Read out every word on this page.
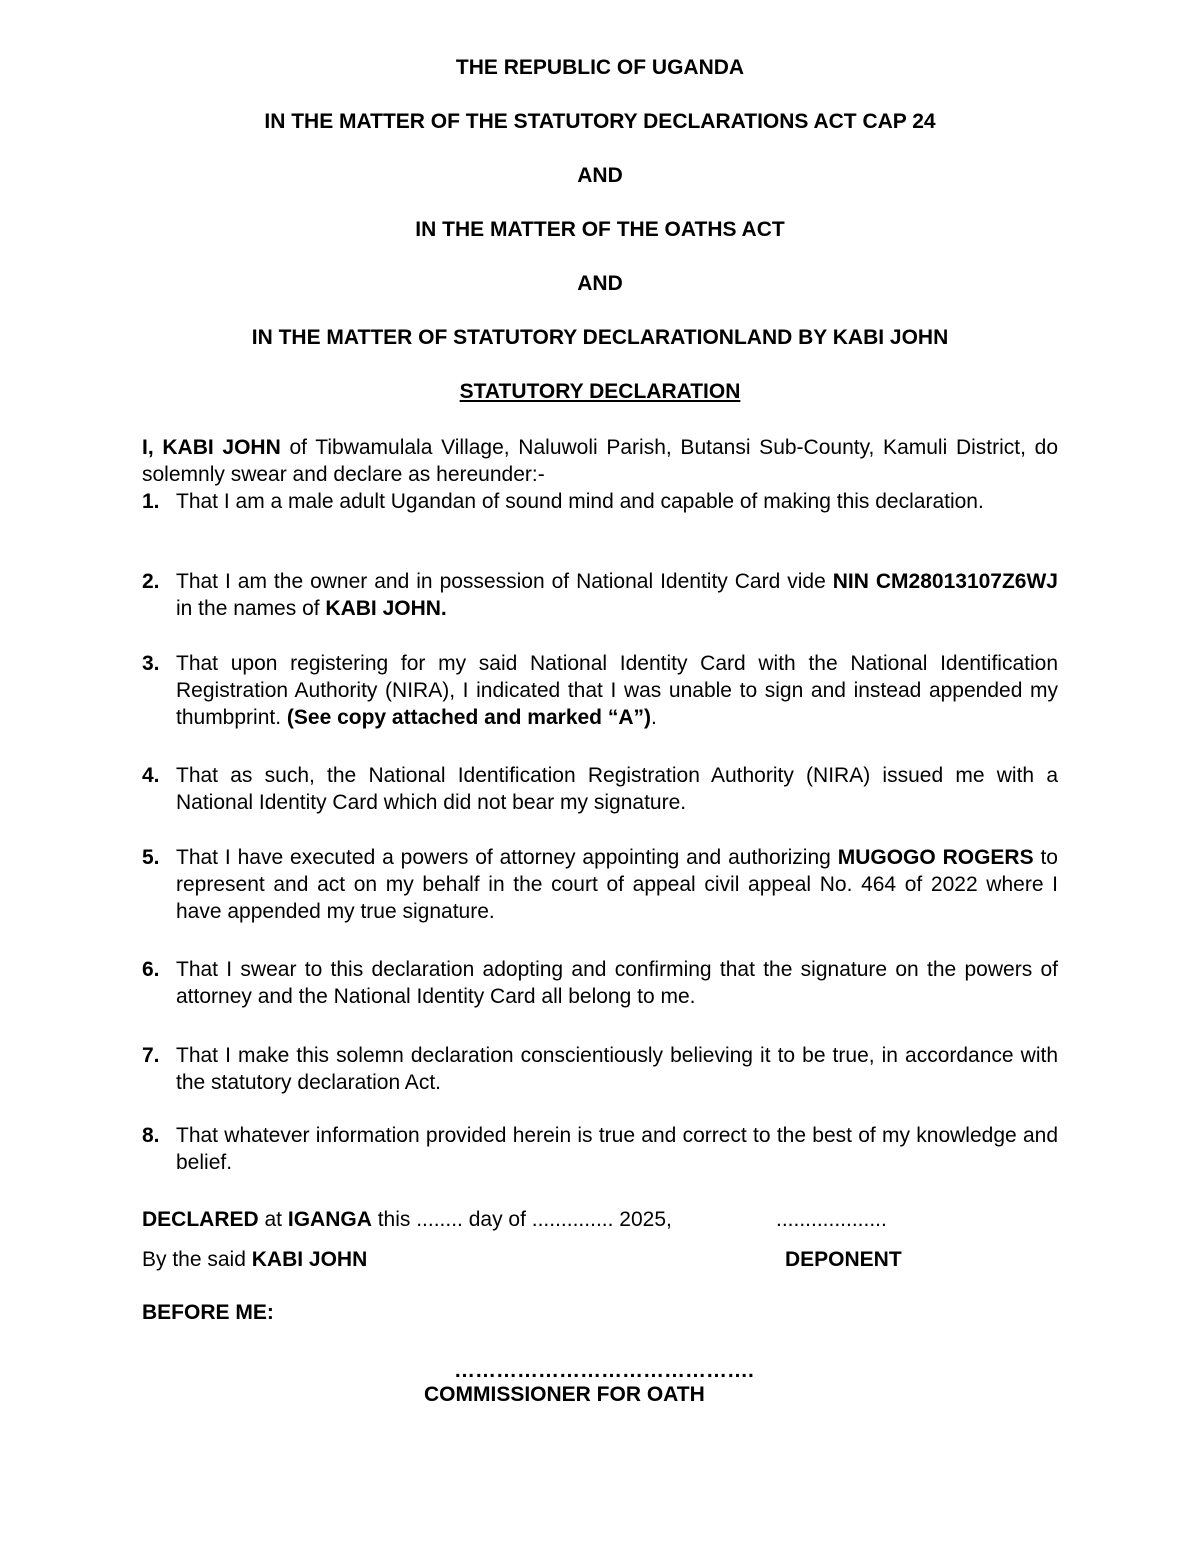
THE REPUBLIC OF UGANDA
IN THE MATTER OF THE STATUTORY DECLARATIONS ACT CAP 24
AND
IN THE MATTER OF THE OATHS ACT
AND
IN THE MATTER OF STATUTORY DECLARATIONLAND BY KABI JOHN
STATUTORY DECLARATION
I, KABI JOHN of Tibwamulala Village, Naluwoli Parish, Butansi Sub-County, Kamuli District, do solemnly swear and declare as hereunder:-
1. That I am a male adult Ugandan of sound mind and capable of making this declaration.
2. That I am the owner and in possession of National Identity Card vide NIN CM28013107Z6WJ in the names of KABI JOHN.
3. That upon registering for my said National Identity Card with the National Identification Registration Authority (NIRA), I indicated that I was unable to sign and instead appended my thumbprint. (See copy attached and marked “A”).
4. That as such, the National Identification Registration Authority (NIRA) issued me with a National Identity Card which did not bear my signature.
5. That I have executed a powers of attorney appointing and authorizing MUGOGO ROGERS to represent and act on my behalf in the court of appeal civil appeal No. 464 of 2022 where I have appended my true signature.
6. That I swear to this declaration adopting and confirming that the signature on the powers of attorney and the National Identity Card all belong to me.
7. That I make this solemn declaration conscientiously believing it to be true, in accordance with the statutory declaration Act.
8. That whatever information provided herein is true and correct to the best of my knowledge and belief.
DECLARED at IGANGA this ........ day of .............. 2025,	...................
By the said KABI JOHN	DEPONENT
BEFORE ME:
…………………………………….
COMMISSIONER FOR OATH
